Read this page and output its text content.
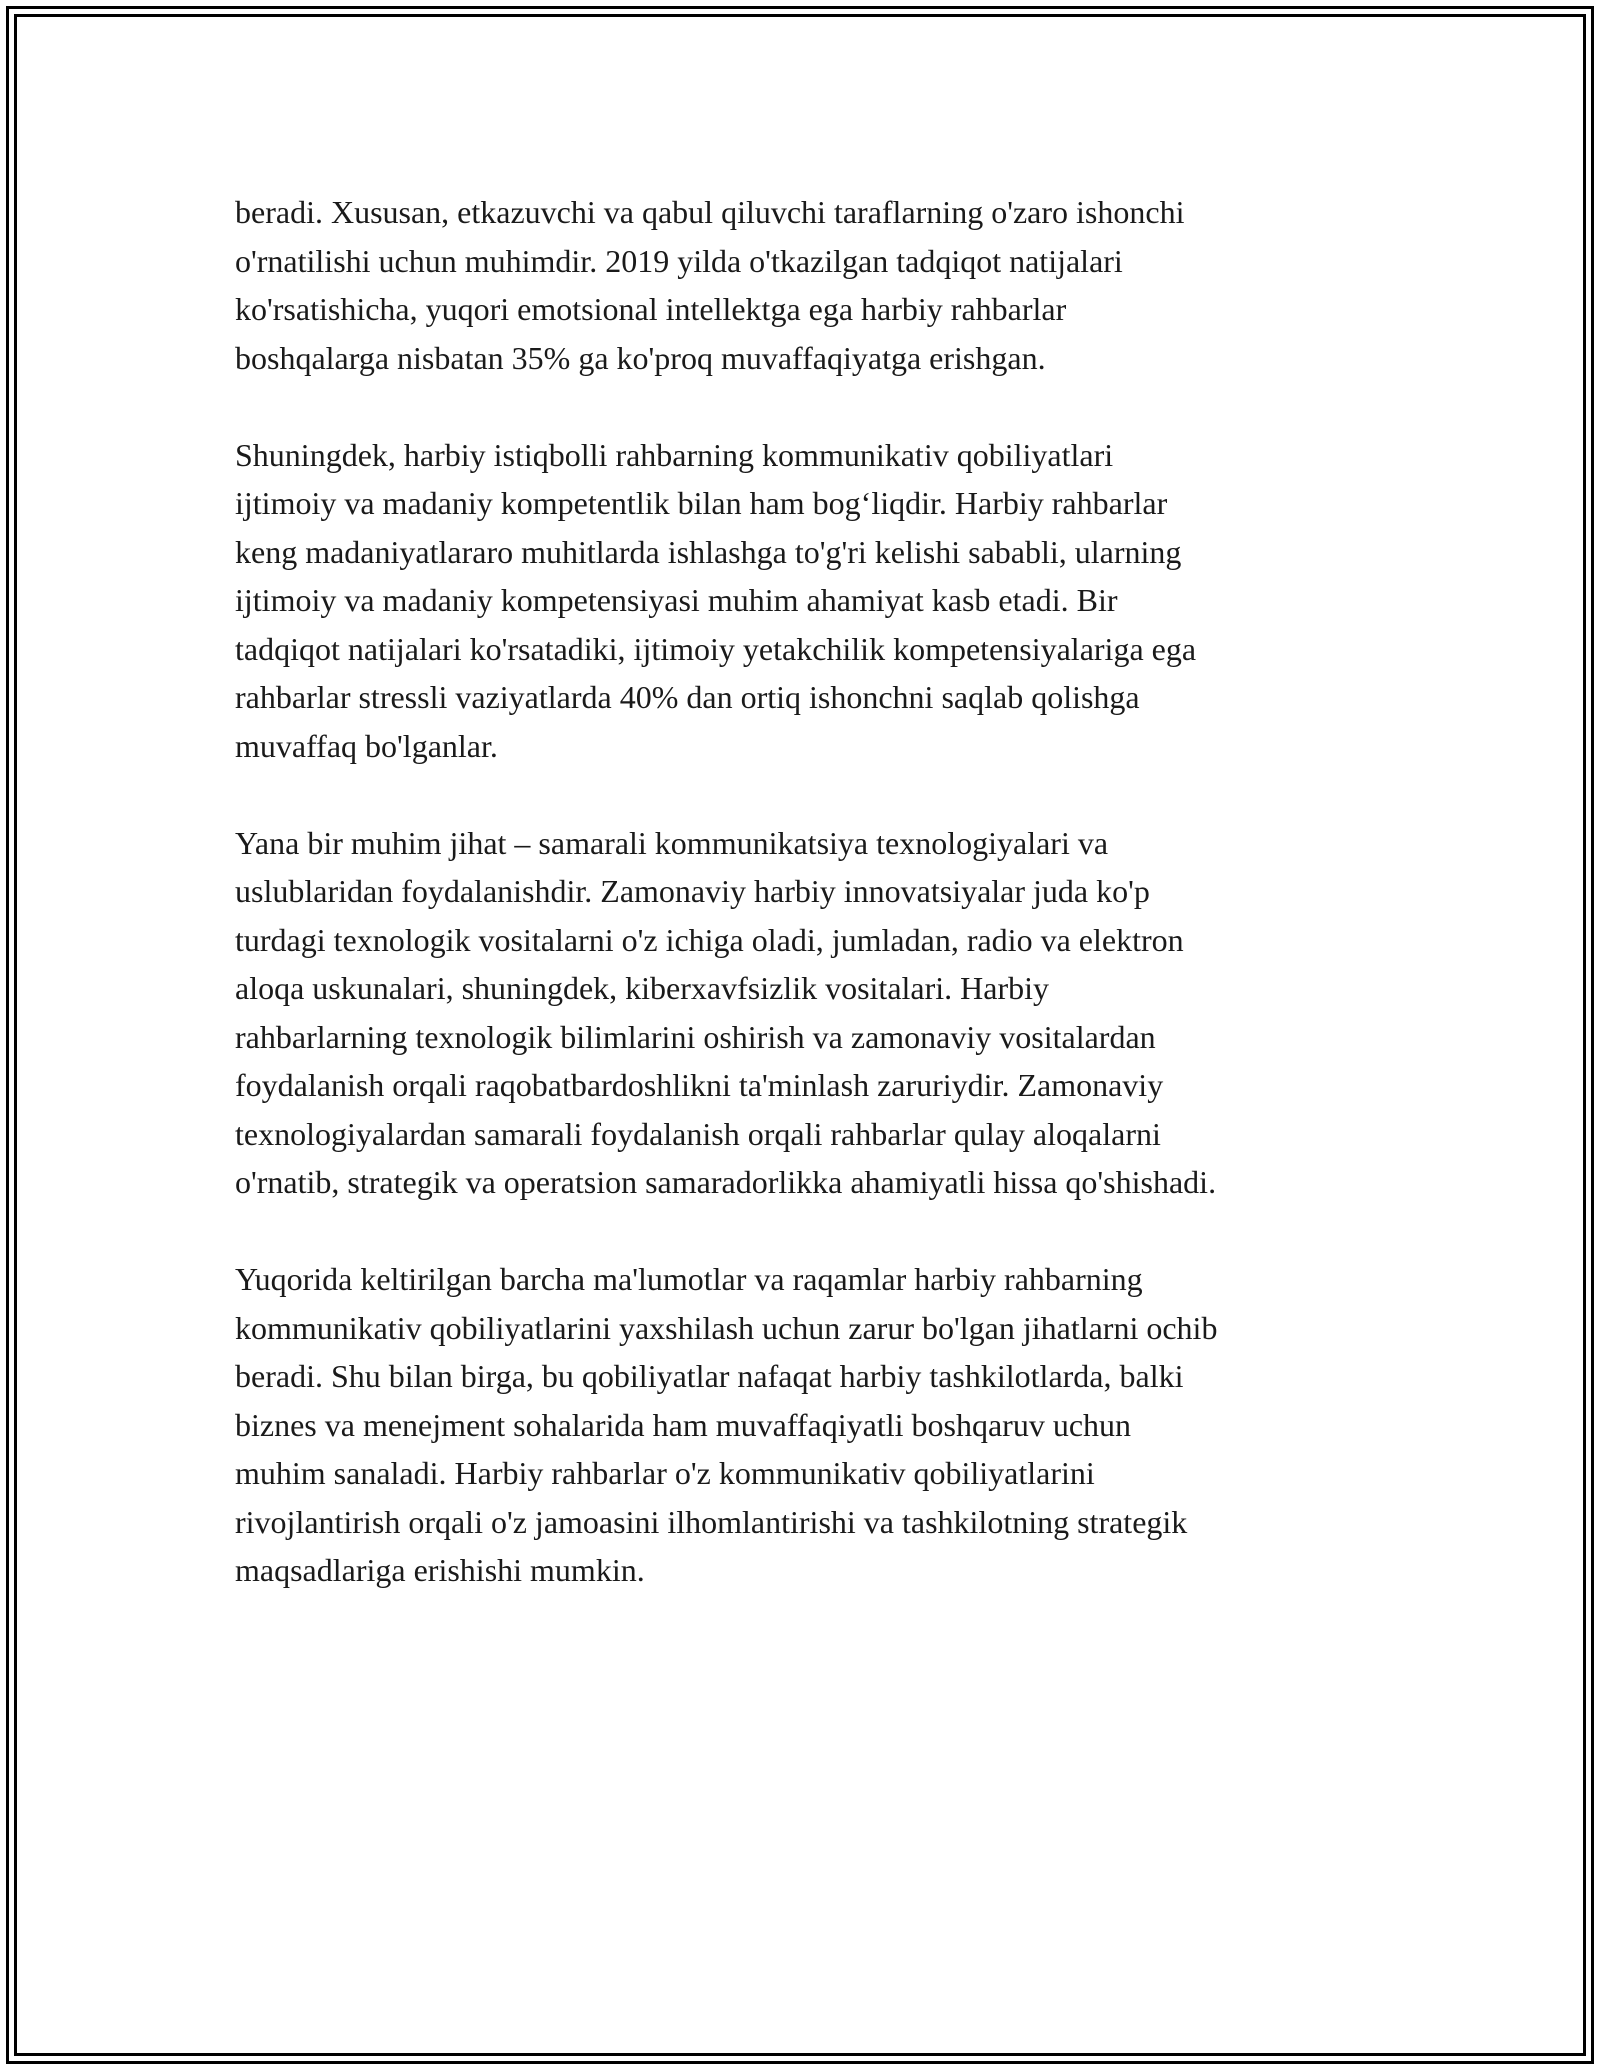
beradi. Xususan, etkazuvchi va qabul qiluvchi taraflarning o'zaro ishonchi
o'rnatilishi uchun muhimdir. 2019 yilda o'tkazilgan tadqiqot natijalari
ko'rsatishicha, yuqori emotsional intellektga ega harbiy rahbarlar
boshqalarga nisbatan 35% ga ko'proq muvaffaqiyatga erishgan.

Shuningdek, harbiy istiqbolli rahbarning kommunikativ qobiliyatlari
ijtimoiy va madaniy kompetentlik bilan ham bog‘liqdir. Harbiy rahbarlar
keng madaniyatlararo muhitlarda ishlashga to'g'ri kelishi sababli, ularning
ijtimoiy va madaniy kompetensiyasi muhim ahamiyat kasb etadi. Bir
tadqiqot natijalari ko'rsatadiki, ijtimoiy yetakchilik kompetensiyalariga ega
rahbarlar stressli vaziyatlarda 40% dan ortiq ishonchni saqlab qolishga
muvaffaq bo'lganlar.

Yana bir muhim jihat – samarali kommunikatsiya texnologiyalari va
uslublaridan foydalanishdir. Zamonaviy harbiy innovatsiyalar juda ko'p
turdagi texnologik vositalarni o'z ichiga oladi, jumladan, radio va elektron
aloqa uskunalari, shuningdek, kiberxavfsizlik vositalari. Harbiy
rahbarlarning texnologik bilimlarini oshirish va zamonaviy vositalardan
foydalanish orqali raqobatbardoshlikni ta'minlash zaruriydir. Zamonaviy
texnologiyalardan samarali foydalanish orqali rahbarlar qulay aloqalarni
o'rnatib, strategik va operatsion samaradorlikka ahamiyatli hissa qo'shishadi.

Yuqorida keltirilgan barcha ma'lumotlar va raqamlar harbiy rahbarning
kommunikativ qobiliyatlarini yaxshilash uchun zarur bo'lgan jihatlarni ochib
beradi. Shu bilan birga, bu qobiliyatlar nafaqat harbiy tashkilotlarda, balki
biznes va menejment sohalarida ham muvaffaqiyatli boshqaruv uchun
muhim sanaladi. Harbiy rahbarlar o'z kommunikativ qobiliyatlarini
rivojlantirish orqali o'z jamoasini ilhomlantirishi va tashkilotning strategik
maqsadlariga erishishi mumkin.
